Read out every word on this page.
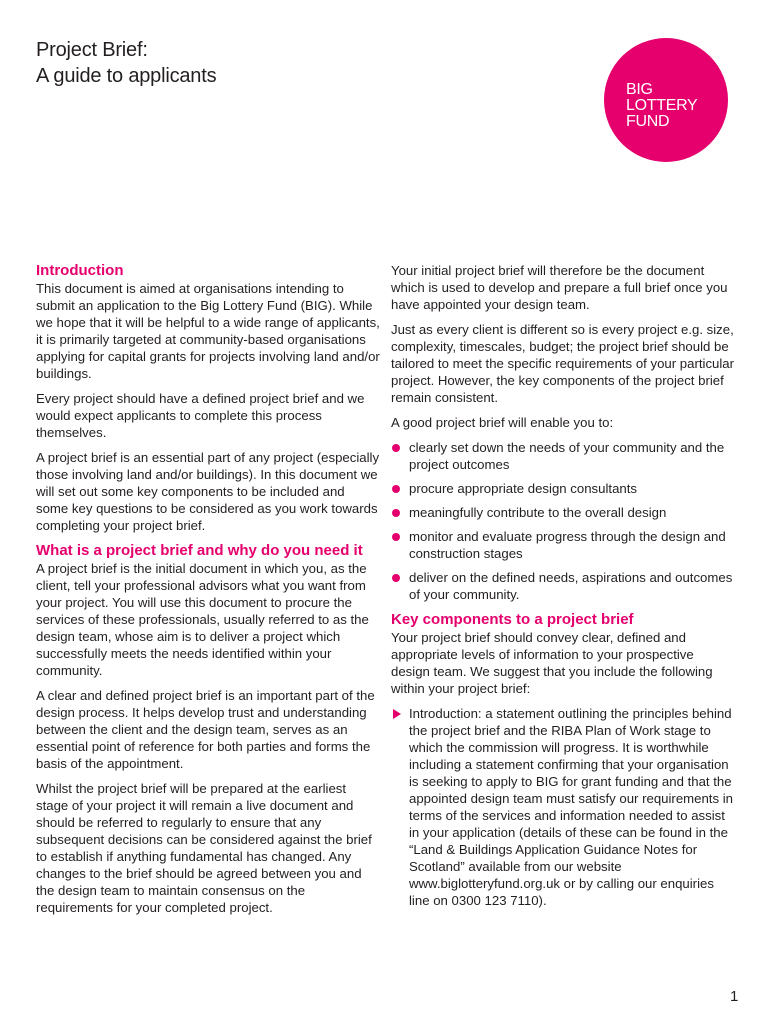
Project Brief:
A guide to applicants
BIG
LOTTERY
FUND
Introduction

This document is aimed at organisations intending to submit an application to the Big Lottery Fund (BIG). While we hope that it will be helpful to a wide range of applicants, it is primarily targeted at community-based organisations applying for capital grants for projects involving land and/or buildings.

Every project should have a defined project brief and we would expect applicants to complete this process themselves.

A project brief is an essential part of any project (especially those involving land and/or buildings). In this document we will set out some key components to be included and some key questions to be considered as you work towards completing your project brief.

What is a project brief and why do you need it

A project brief is the initial document in which you, as the client, tell your professional advisors what you want from your project. You will use this document to procure the services of these professionals, usually referred to as the design team, whose aim is to deliver a project which successfully meets the needs identified within your community.

A clear and defined project brief is an important part of the design process. It helps develop trust and understanding between the client and the design team, serves as an essential point of reference for both parties and forms the basis of the appointment.

Whilst the project brief will be prepared at the earliest stage of your project it will remain a live document and should be referred to regularly to ensure that any subsequent decisions can be considered against the brief to establish if anything fundamental has changed. Any changes to the brief should be agreed between you and the design team to maintain consensus on the requirements for your completed project.

Your initial project brief will therefore be the document which is used to develop and prepare a full brief once you have appointed your design team.

Just as every client is different so is every project e.g. size, complexity, timescales, budget; the project brief should be tailored to meet the specific requirements of your particular project. However, the key components of the project brief remain consistent.

A good project brief will enable you to:

clearly set down the needs of your community and the project outcomes
procure appropriate design consultants
meaningfully contribute to the overall design
monitor and evaluate progress through the design and construction stages
deliver on the defined needs, aspirations and outcomes of your community.
Key components to a project brief

Your project brief should convey clear, defined and appropriate levels of information to your prospective design team. We suggest that you include the following within your project brief:

Introduction: a statement outlining the principles behind the project brief and the RIBA Plan of Work stage to which the commission will progress. It is worthwhile including a statement confirming that your organisation is seeking to apply to BIG for grant funding and that the appointed design team must satisfy our requirements in terms of the services and information needed to assist in your application (details of these can be found in the “Land & Buildings Application Guidance Notes for Scotland” available from our website www.biglotteryfund.org.uk or by calling our enquiries line on 0300 123 7110).
1
